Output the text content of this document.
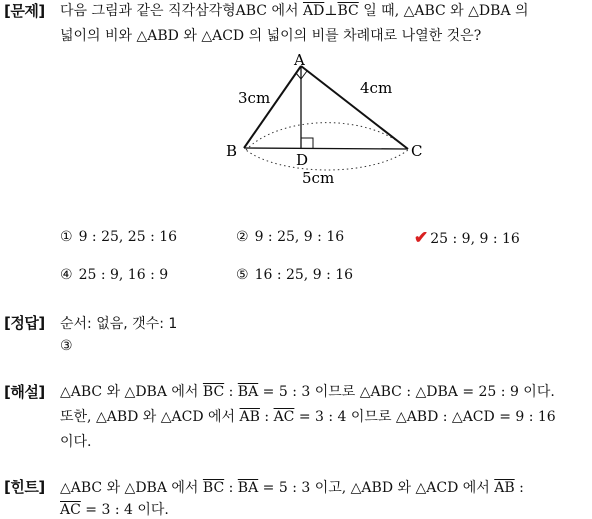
[문제] 다음 그림과 같은 직각삼각형ABC 에서 $\overline{AD}\perp\overline{BC}$ 일 때, △ABC 와 △DBA 의
넓이의 비와 △ABD 와 △ACD 의 넓이의 비를 차례대로 나열한 것은?
A
B	C
D
3cm
4cm
5cm
① 9 : 25, 25 : 16	② 9 : 25, 9 : 16	✔ 25 : 9, 9 : 16
④ 25 : 9, 16 : 9	⑤ 16 : 25, 9 : 16
[정답] 순서: 없음, 갯수: 1
③
[해설] △ABC 와 △DBA 에서 $\overline{BC}$ : $\overline{BA} = 5$ : 3 이므로 △ABC : △DBA = 25 : 9 이다.
또한, △ABD 와 △ACD 에서 $\overline{AB}$ : $\overline{AC} = 3$ : 4 이므로 △ABD : △ACD = 9 : 16
이다.
[힌트] △ABC 와 △DBA 에서 $\overline{BC}$ : $\overline{BA} = 5$ : 3 이고, △ABD 와 △ACD 에서 $\overline{AB}$ :
$\overline{AC} = 3$ : 4 이다.
